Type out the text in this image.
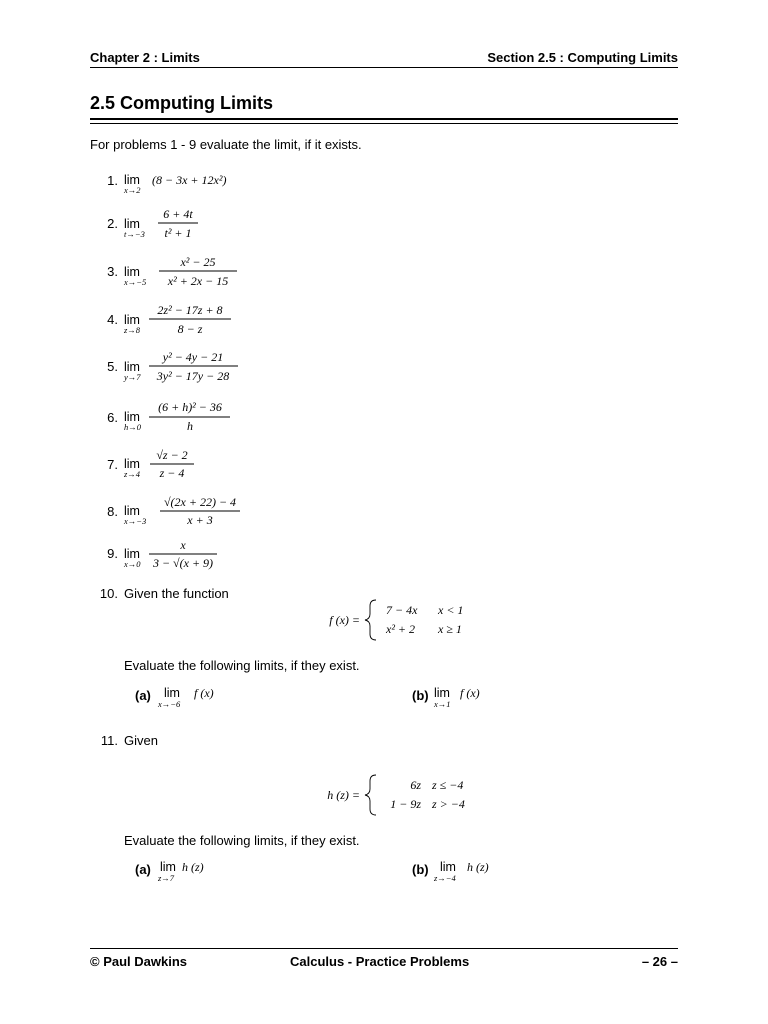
Chapter 2 : Limits	Section 2.5 : Computing Limits
2.5 Computing Limits
For problems 1 - 9 evaluate the limit, if it exists.
1. lim
x→2
(8 − 3x + 12x²)
2. lim
t→−3
6 + 4t
t² + 1
3. lim
x→−5
x² − 25
x² + 2x − 15
4. lim
z→8
2z² − 17z + 8
8 − z
5. lim
y→7
y² − 4y − 21
3y² − 17y − 28
6. lim
h→0
(6 + h)² − 36
h
7. lim
z→4
√z − 2
z − 4
8. lim
x→−3
√(2x + 22) − 4
x + 3
9. lim
x→0
x
3 − √(x + 9)
10. Given the function
f (x) =
7 − 4x x < 1
x² + 2 x ≥ 1
Evaluate the following limits, if they exist.
(a) lim
x→−6
f (x)	(b) lim
x→1
f (x)
11. Given
h (z) =
6z z ≤ −4
1 − 9z z > −4
Evaluate the following limits, if they exist.
(a) lim
z→7
h (z)	(b) lim
z→−4
h (z)
© Paul Dawkins	Calculus - Practice Problems	– 26 –
